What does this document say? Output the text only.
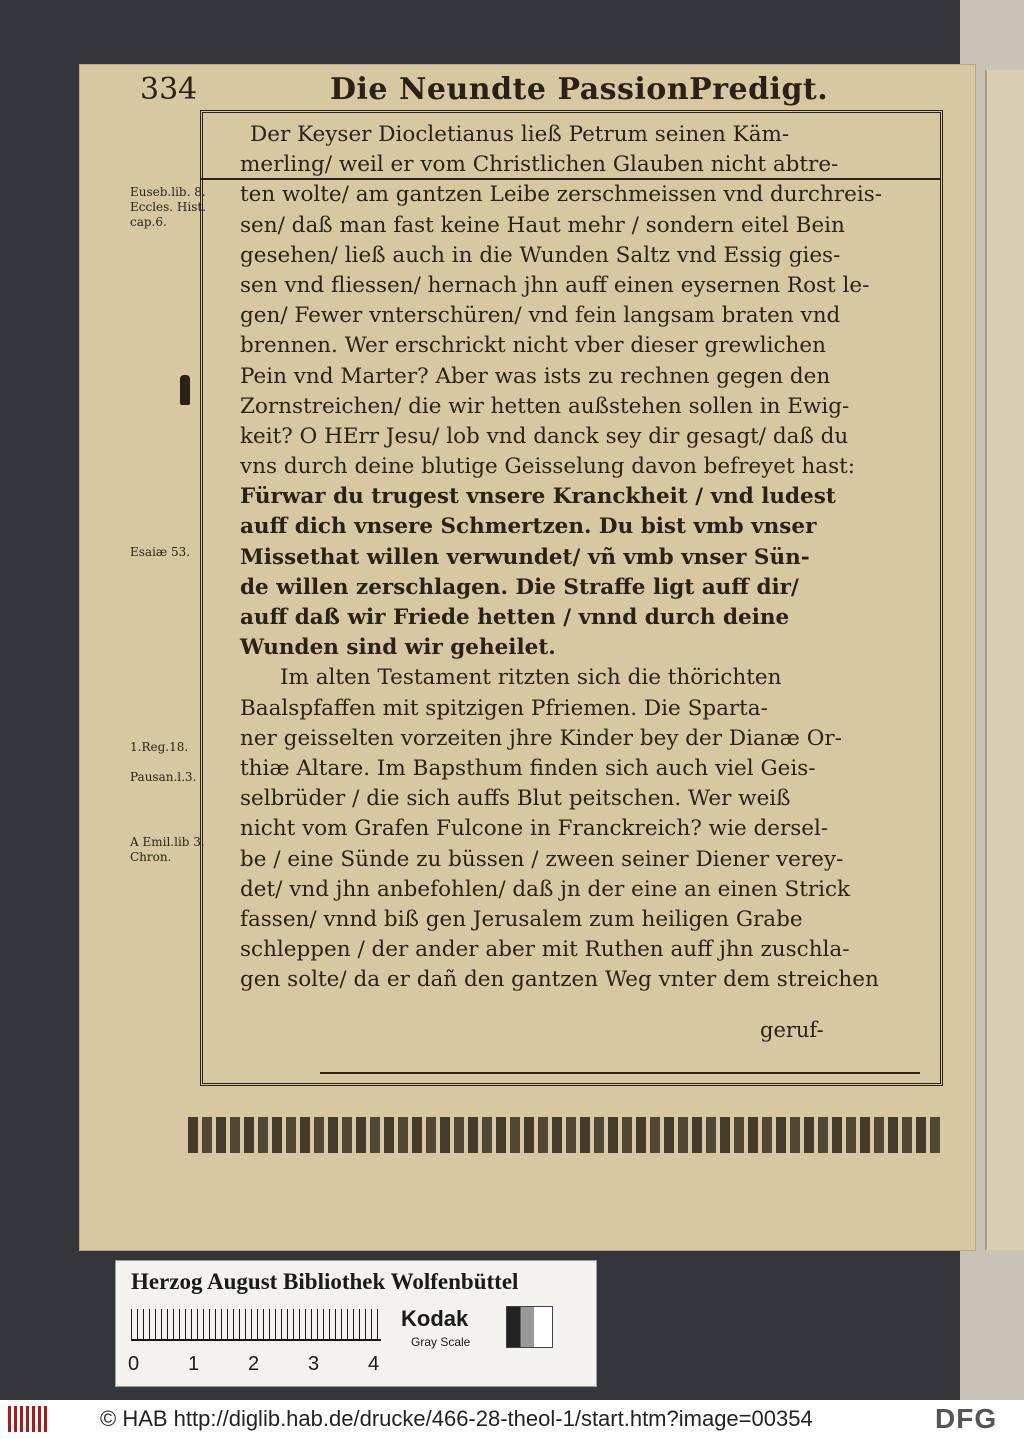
334	Die Neundte PassionPredigt.
Euseb.lib. 8. Eccles. Hist. cap.6.
Esaiæ 53.
1.Reg.18.
Pausan.l.3.
A Emil.lib 3. Chron.
Der Keyser Diocletianus ließ Petrum seinen Käm-
merling/ weil er vom Christlichen Glauben nicht abtre-
ten wolte/ am gantzen Leibe zerschmeissen vnd durchreis-
sen/ daß man fast keine Haut mehr / sondern eitel Bein
gesehen/ ließ auch in die Wunden Saltz vnd Essig gies-
sen vnd fliessen/ hernach jhn auff einen eysernen Rost le-
gen/ Fewer vnterschüren/ vnd fein langsam braten vnd
brennen. Wer erschrickt nicht vber dieser grewlichen
Pein vnd Marter? Aber was ists zu rechnen gegen den
Zornstreichen/ die wir hetten außstehen sollen in Ewig-
keit? O HErr Jesu/ lob vnd danck sey dir gesagt/ daß du
vns durch deine blutige Geisselung davon befreyet hast:
Fürwar du trugest vnsere Kranckheit / vnd ludest
auff dich vnsere Schmertzen. Du bist vmb vnser
Missethat willen verwundet/ vñ vmb vnser Sün-
de willen zerschlagen. Die Straffe ligt auff dir/
auff daß wir Friede hetten / vnnd durch deine
Wunden sind wir geheilet.
Im alten Testament ritzten sich die thörichten
Baalspfaffen mit spitzigen Pfriemen. Die Sparta-
ner geisselten vorzeiten jhre Kinder bey der Dianæ Or-
thiæ Altare. Im Bapsthum finden sich auch viel Geis-
selbrüder / die sich auffs Blut peitschen. Wer weiß
nicht vom Grafen Fulcone in Franckreich? wie dersel-
be / eine Sünde zu büssen / zween seiner Diener verey-
det/ vnd jhn anbefohlen/ daß jn der eine an einen Strick
fassen/ vnnd biß gen Jerusalem zum heiligen Grabe
schleppen / der ander aber mit Ruthen auff jhn zuschla-
gen solte/ da er dañ den gantzen Weg vnter dem streichen
geruf-
Herzog August Bibliothek Wolfenbüttel
0 1 2 3 4
Kodak
Gray Scale
© HAB http://diglib.hab.de/drucke/466-28-theol-1/start.htm?image=00354	DFG
